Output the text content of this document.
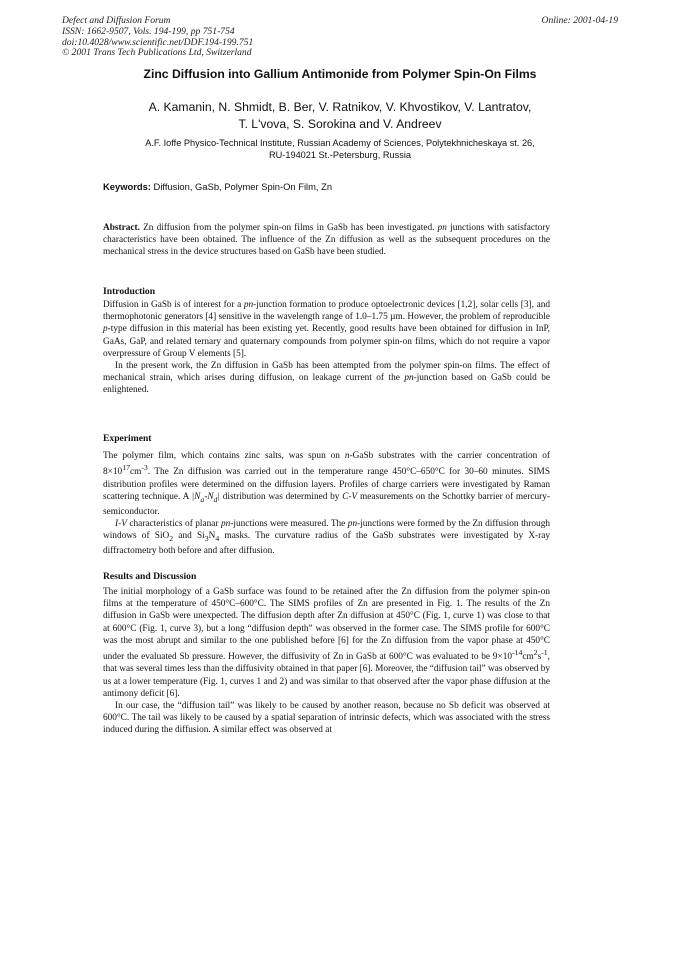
Defect and Diffusion Forum
ISSN: 1662-9507, Vols. 194-199, pp 751-754
doi:10.4028/www.scientific.net/DDF.194-199.751
© 2001 Trans Tech Publications Ltd, Switzerland
Online: 2001-04-19
Zinc Diffusion into Gallium Antimonide from Polymer Spin-On Films
A. Kamanin, N. Shmidt, B. Ber, V. Ratnikov, V. Khvostikov, V. Lantratov,
T. L'vova, S. Sorokina and V. Andreev
A.F. Ioffe Physico-Technical Institute, Russian Academy of Sciences, Polytekhnicheskaya st. 26,
RU-194021 St.-Petersburg, Russia
Keywords: Diffusion, GaSb, Polymer Spin-On Film, Zn

Abstract. Zn diffusion from the polymer spin-on films in GaSb has been investigated. pn junctions with satisfactory characteristics have been obtained. The influence of the Zn diffusion as well as the subsequent procedures on the mechanical stress in the device structures based on GaSb have been studied.

Introduction

Diffusion in GaSb is of interest for a pn-junction formation to produce optoelectronic devices [1,2], solar cells [3], and thermophotonic generators [4] sensitive in the wavelength range of 1.0–1.75 µm. However, the problem of reproducible p-type diffusion in this material has been existing yet. Recently, good results have been obtained for diffusion in InP, GaAs, GaP, and related ternary and quaternary compounds from polymer spin-on films, which do not require a vapor overpressure of Group V elements [5].

In the present work, the Zn diffusion in GaSb has been attempted from the polymer spin-on films. The effect of mechanical strain, which arises during diffusion, on leakage current of the pn-junction based on GaSb could be enlightened.

Experiment

The polymer film, which contains zinc salts, was spun on n-GaSb substrates with the carrier concentration of $8\times 10^{17}cm^{-3}$. The Zn diffusion was carried out in the temperature range 450°C–650°C for 30–60 minutes. SIMS distribution profiles were determined on the diffusion layers. Profiles of charge carriers were investigated by Raman scattering technique. A $|N_a-N_d|$ distribution was determined by C-V measurements on the Schottky barrier of mercury-semiconductor.

I-V characteristics of planar pn-junctions were measured. The pn-junctions were formed by the Zn diffusion through windows of SiO$_2$ and $Si_3N_4$ masks. The curvature radius of the GaSb substrates were investigated by X-ray diffractometry both before and after diffusion.

Results and Discussion

The initial morphology of a GaSb surface was found to be retained after the Zn diffusion from the polymer spin-on films at the temperature of 450°C–600°C. The SIMS profiles of Zn are presented in Fig. 1. The results of the Zn diffusion in GaSb were unexpected. The diffusion depth after Zn diffusion at 450°C (Fig. 1, curve 1) was close to that at 600°C (Fig. 1, curve 3), but a long “diffusion depth” was observed in the former case. The SIMS profile for 600°C was the most abrupt and similar to the one published before [6] for the Zn diffusion from the vapor phase at 450°C under the evaluated Sb pressure. However, the diffusivity of Zn in GaSb at 600°C was evaluated to be $9\times 10^{-14}cm^2s^{-1}$, that was several times less than the diffusivity obtained in that paper [6]. Moreover, the “diffusion tail” was observed by us at a lower temperature (Fig. 1, curves 1 and 2) and was similar to that observed after the vapor phase diffusion at the antimony deficit [6].

In our case, the “diffusion tail” was likely to be caused by another reason, because no Sb deficit was observed at 600°C. The tail was likely to be caused by a spatial separation of intrinsic defects, which was associated with the stress induced during the diffusion. A similar effect was observed at
